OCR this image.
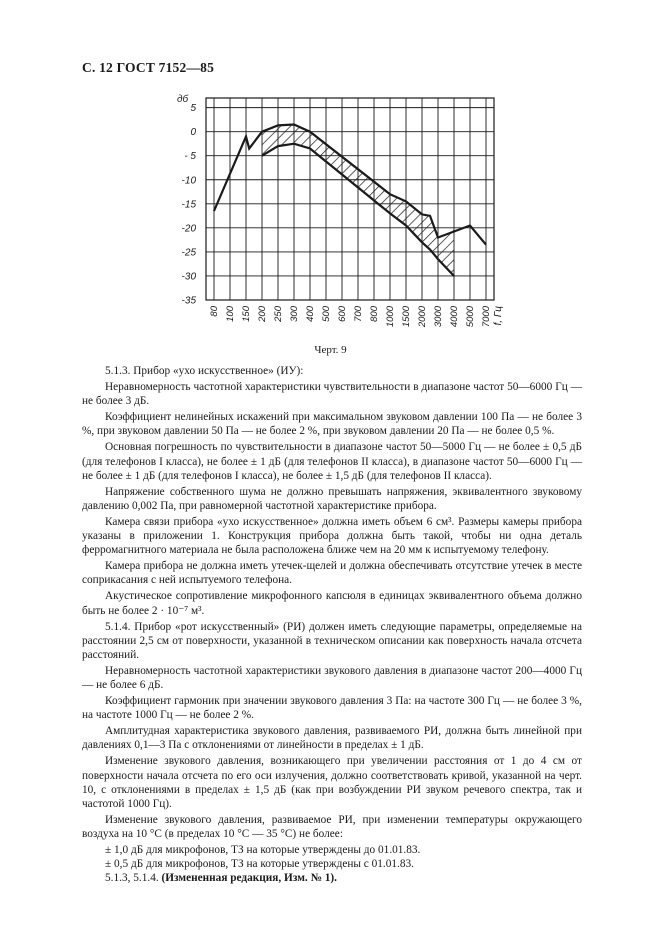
С. 12 ГОСТ 7152—85
5
0
- 5
-10
-15
-20
-25
-30
-35
80 100 150 200 250 300 400 500 600 700 800 1000 1500 2000 3000 4000 5000 7000
дб
f, Гц
Черт. 9

5.1.3. Прибор «ухо искусственное» (ИУ):

Неравномерность частотной характеристики чувствительности в диапазоне частот 50—6000 Гц — не более 3 дБ.

Коэффициент нелинейных искажений при максимальном звуковом давлении 100 Па — не более 3 %, при звуковом давлении 50 Па — не более 2 %, при звуковом давлении 20 Па — не более 0,5 %.

Основная погрешность по чувствительности в диапазоне частот 50—5000 Гц — не более ± 0,5 дБ (для телефонов I класса), не более ± 1 дБ (для телефонов II класса), в диапазоне частот 50—6000 Гц — не более ± 1 дБ (для телефонов I класса), не более ± 1,5 дБ (для телефонов II класса).

Напряжение собственного шума не должно превышать напряжения, эквивалентного звуковому давлению 0,002 Па, при равномерной частотной характеристике прибора.

Камера связи прибора «ухо искусственное» должна иметь объем 6 см³. Размеры камеры прибора указаны в приложении 1. Конструкция прибора должна быть такой, чтобы ни одна деталь ферромагнитного материала не была расположена ближе чем на 20 мм к испытуемому телефону.

Камера прибора не должна иметь утечек-щелей и должна обеспечивать отсутствие утечек в месте соприкасания с ней испытуемого телефона.

Акустическое сопротивление микрофонного капсюля в единицах эквивалентного объема должно быть не более 2 · 10⁻⁷ м³.

5.1.4. Прибор «рот искусственный» (РИ) должен иметь следующие параметры, определяемые на расстоянии 2,5 см от поверхности, указанной в техническом описании как поверхность начала отсчета расстояний.

Неравномерность частотной характеристики звукового давления в диапазоне частот 200—4000 Гц — не более 6 дБ.

Коэффициент гармоник при значении звукового давления 3 Па: на частоте 300 Гц — не более 3 %, на частоте 1000 Гц — не более 2 %.

Амплитудная характеристика звукового давления, развиваемого РИ, должна быть линейной при давлениях 0,1—3 Па с отклонениями от линейности в пределах ± 1 дБ.

Изменение звукового давления, возникающего при увеличении расстояния от 1 до 4 см от поверхности начала отсчета по его оси излучения, должно соответствовать кривой, указанной на черт. 10, с отклонениями в пределах ± 1,5 дБ (как при возбуждении РИ звуком речевого спектра, так и частотой 1000 Гц).

Изменение звукового давления, развиваемое РИ, при изменении температуры окружающего воздуха на 10 °С (в пределах 10 °С — 35 °С) не более:

± 1,0 дБ для микрофонов, ТЗ на которые утверждены до 01.01.83.

± 0,5 дБ для микрофонов, ТЗ на которые утверждены с 01.01.83.

5.1.3, 5.1.4. (Измененная редакция, Изм. № 1).
